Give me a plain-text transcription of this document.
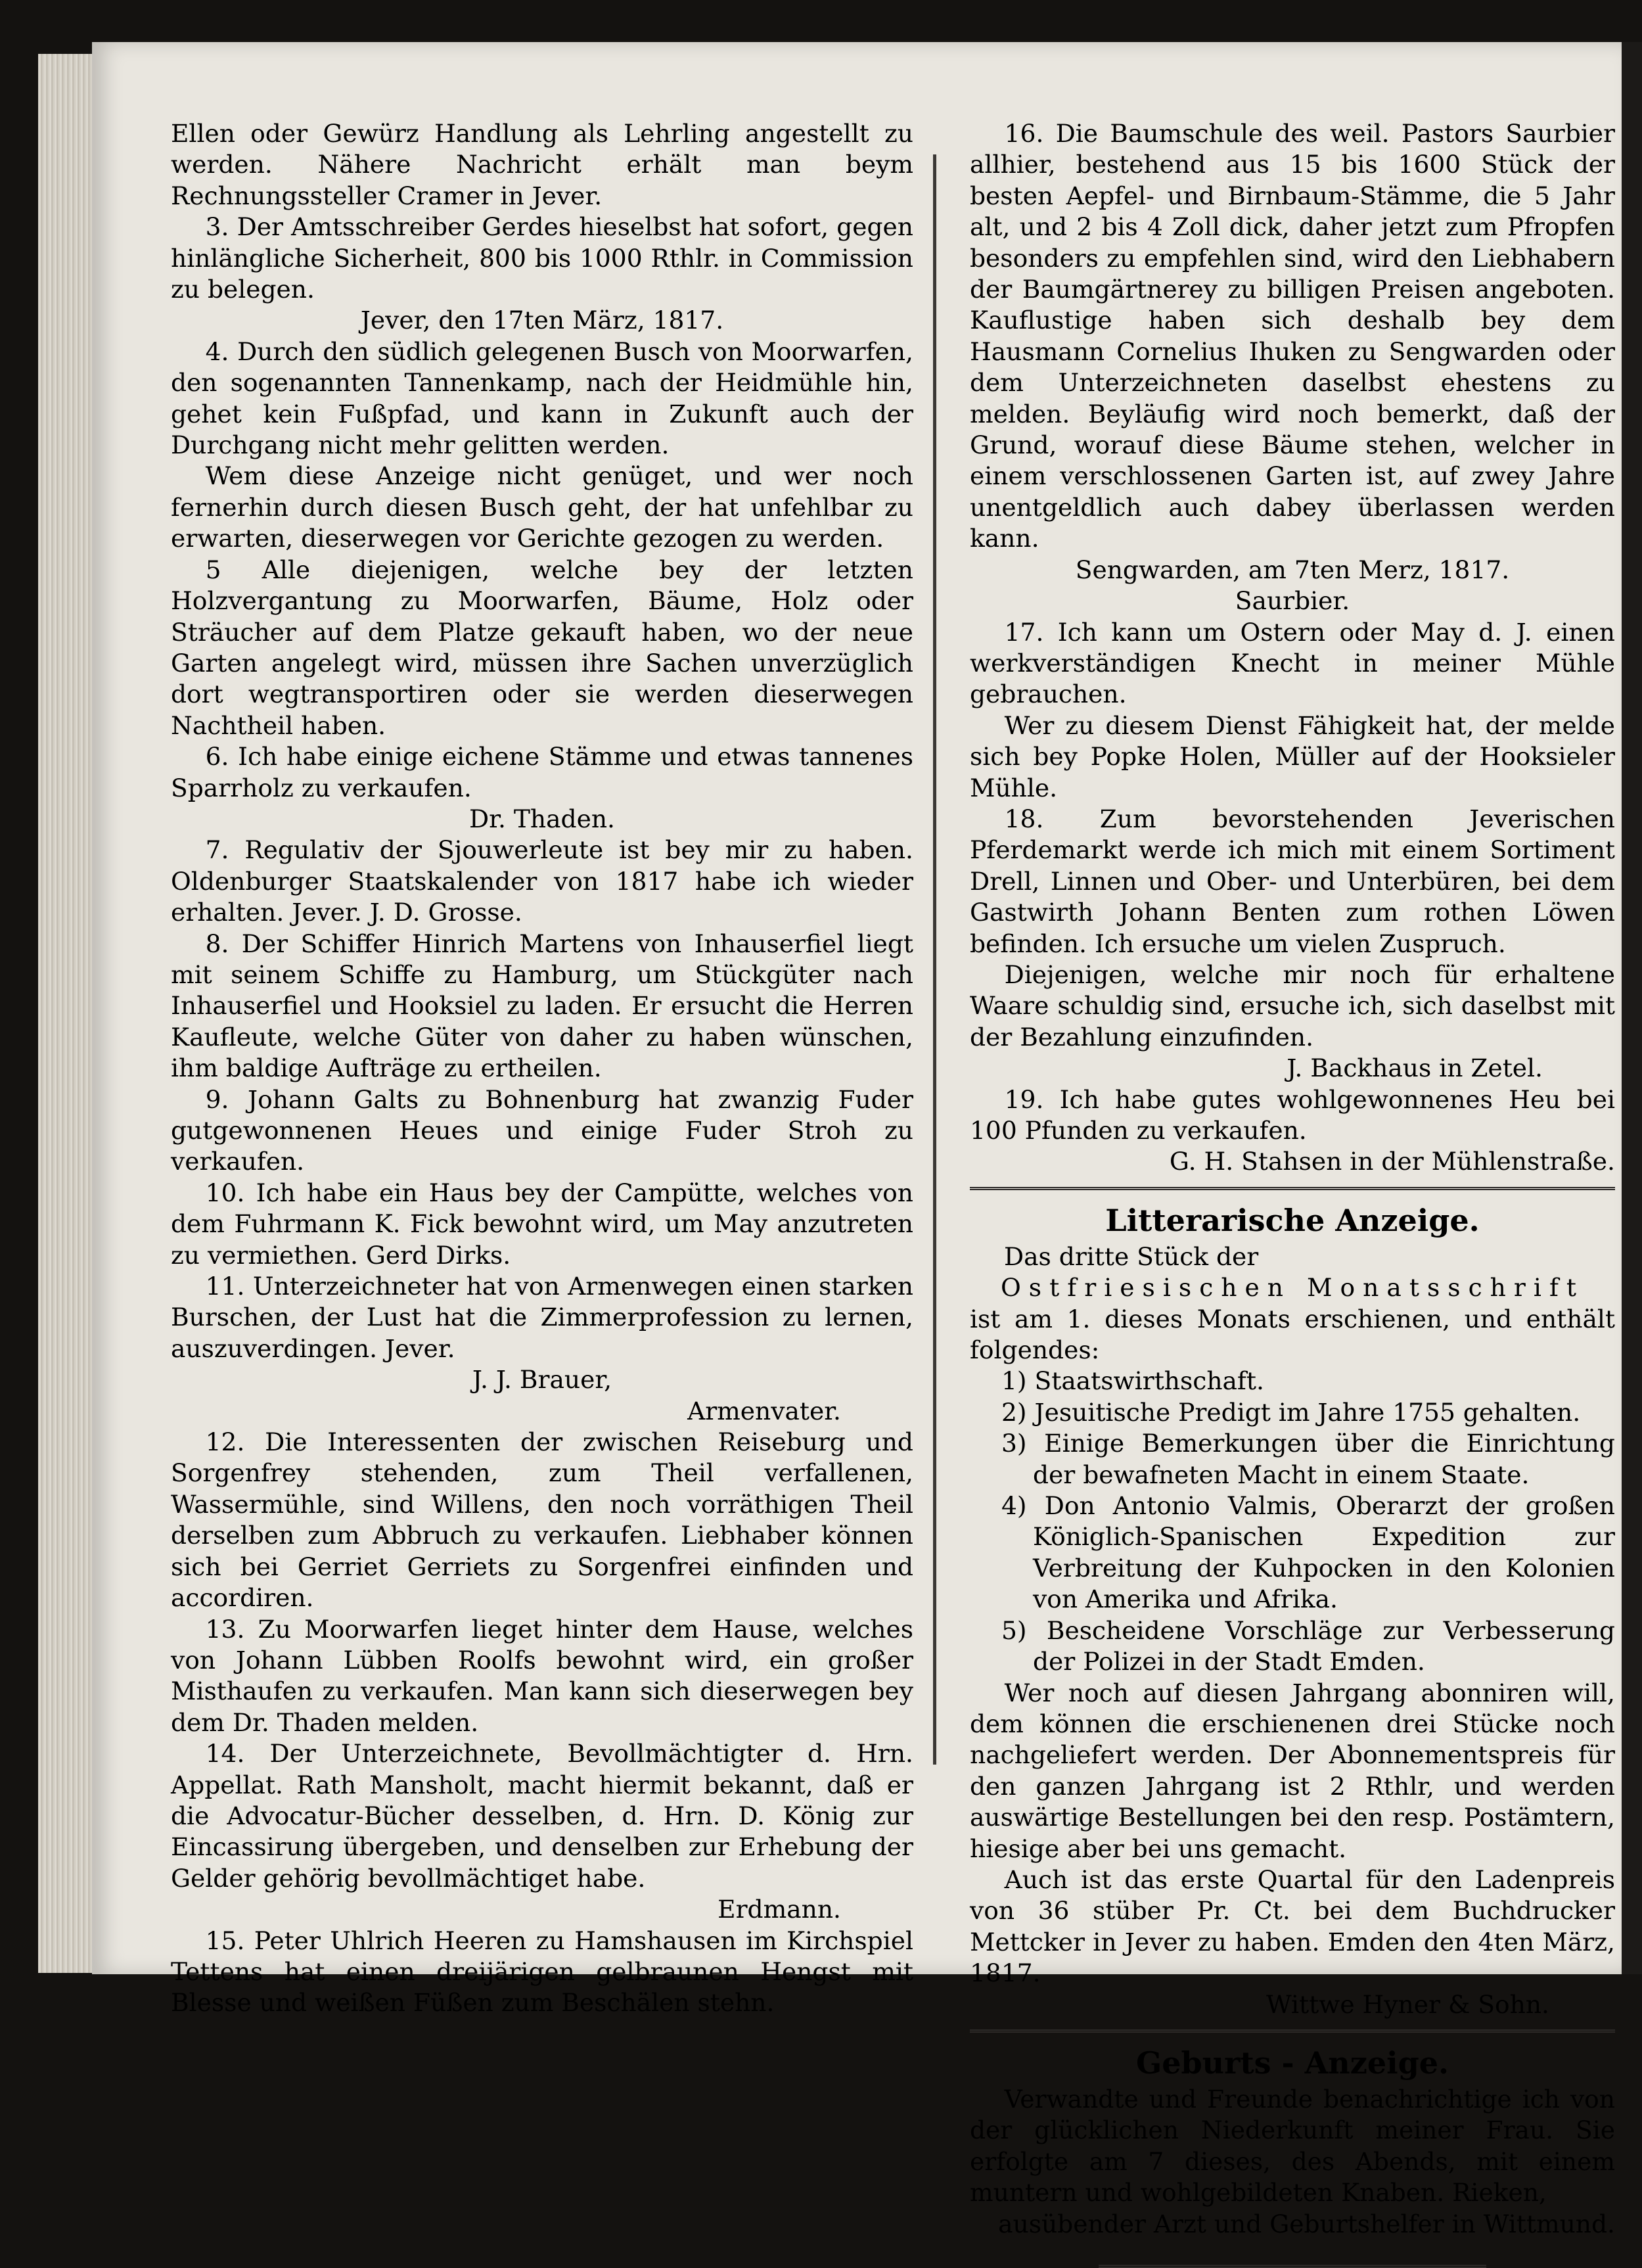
Ellen oder Gewürz Handlung als Lehrling angestellt zu werden. Nähere Nachricht erhält man beym Rechnungssteller Cramer in Jever.

3. Der Amtsschreiber Gerdes hieselbst hat sofort, gegen hinlängliche Sicherheit, 800 bis 1000 Rthlr. in Commission zu belegen.

Jever, den 17ten März, 1817.

4. Durch den südlich gelegenen Busch von Moorwarfen, den sogenannten Tannenkamp, nach der Heidmühle hin, gehet kein Fußpfad, und kann in Zukunft auch der Durchgang nicht mehr gelitten werden.

Wem diese Anzeige nicht genüget, und wer noch fernerhin durch diesen Busch geht, der hat unfehlbar zu erwarten, dieserwegen vor Gerichte gezogen zu werden.

5 Alle diejenigen, welche bey der letzten Holzvergantung zu Moorwarfen, Bäume, Holz oder Sträucher auf dem Platze gekauft haben, wo der neue Garten angelegt wird, müssen ihre Sachen unverzüglich dort wegtransportiren oder sie werden dieserwegen Nachtheil haben.

6. Ich habe einige eichene Stämme und etwas tannenes Sparrholz zu verkaufen.

Dr. Thaden.

7. Regulativ der Sjouwerleute ist bey mir zu haben. Oldenburger Staatskalender von 1817 habe ich wieder erhalten. Jever. J. D. Grosse.

8. Der Schiffer Hinrich Martens von Inhauserfiel liegt mit seinem Schiffe zu Hamburg, um Stückgüter nach Inhauserfiel und Hooksiel zu laden. Er ersucht die Herren Kaufleute, welche Güter von daher zu haben wünschen, ihm baldige Aufträge zu ertheilen.

9. Johann Galts zu Bohnenburg hat zwanzig Fuder gutgewonnenen Heues und einige Fuder Stroh zu verkaufen.

10. Ich habe ein Haus bey der Campütte, welches von dem Fuhrmann K. Fick bewohnt wird, um May anzutreten zu vermiethen. Gerd Dirks.

11. Unterzeichneter hat von Armenwegen einen starken Burschen, der Lust hat die Zimmerprofession zu lernen, auszuverdingen. Jever.

J. J. Brauer,

Armenvater.

12. Die Interessenten der zwischen Reiseburg und Sorgenfrey stehenden, zum Theil verfallenen, Wassermühle, sind Willens, den noch vorräthigen Theil derselben zum Abbruch zu verkaufen. Liebhaber können sich bei Gerriet Gerriets zu Sorgenfrei einfinden und accordiren.

13. Zu Moorwarfen lieget hinter dem Hause, welches von Johann Lübben Roolfs bewohnt wird, ein großer Misthaufen zu verkaufen. Man kann sich dieserwegen bey dem Dr. Thaden melden.

14. Der Unterzeichnete, Bevollmächtigter d. Hrn. Appellat. Rath Mansholt, macht hiermit bekannt, daß er die Advocatur-Bücher desselben, d. Hrn. D. König zur Eincassirung übergeben, und denselben zur Erhebung der Gelder gehörig bevollmächtiget habe.

Erdmann.

15. Peter Uhlrich Heeren zu Hamshausen im Kirchspiel Tettens hat einen dreijärigen gelbraunen Hengst mit Blesse und weißen Füßen zum Beschälen stehn.

16. Die Baumschule des weil. Pastors Saurbier allhier, bestehend aus 15 bis 1600 Stück der besten Aepfel- und Birnbaum-Stämme, die 5 Jahr alt, und 2 bis 4 Zoll dick, daher jetzt zum Pfropfen besonders zu empfehlen sind, wird den Liebhabern der Baumgärtnerey zu billigen Preisen angeboten. Kauflustige haben sich deshalb bey dem Hausmann Cornelius Ihuken zu Sengwarden oder dem Unterzeichneten daselbst ehestens zu melden. Beyläufig wird noch bemerkt, daß der Grund, worauf diese Bäume stehen, welcher in einem verschlossenen Garten ist, auf zwey Jahre unentgeldlich auch dabey überlassen werden kann.

Sengwarden, am 7ten Merz, 1817.

Saurbier.

17. Ich kann um Ostern oder May d. J. einen werkverständigen Knecht in meiner Mühle gebrauchen.

Wer zu diesem Dienst Fähigkeit hat, der melde sich bey Popke Holen, Müller auf der Hooksieler Mühle.

18. Zum bevorstehenden Jeverischen Pferdemarkt werde ich mich mit einem Sortiment Drell, Linnen und Ober- und Unterbüren, bei dem Gastwirth Johann Benten zum rothen Löwen befinden. Ich ersuche um vielen Zuspruch.

Diejenigen, welche mir noch für erhaltene Waare schuldig sind, ersuche ich, sich daselbst mit der Bezahlung einzufinden.

J. Backhaus in Zetel.

19. Ich habe gutes wohlgewonnenes Heu bei 100 Pfunden zu verkaufen.

G. H. Stahsen in der Mühlenstraße.

Litterarische Anzeige.

Das dritte Stück der

Ostfriesischen Monatsschrift

ist am 1. dieses Monats erschienen, und enthält folgendes:

1) Staatswirthschaft.
2) Jesuitische Predigt im Jahre 1755 gehalten.
3) Einige Bemerkungen über die Einrichtung der bewafneten Macht in einem Staate.
4) Don Antonio Valmis, Oberarzt der großen Königlich-Spanischen Expedition zur Verbreitung der Kuhpocken in den Kolonien von Amerika und Afrika.
5) Bescheidene Vorschläge zur Verbesserung der Polizei in der Stadt Emden.

Wer noch auf diesen Jahrgang abonniren will, dem können die erschienenen drei Stücke noch nachgeliefert werden. Der Abonnementspreis für den ganzen Jahrgang ist 2 Rthlr, und werden auswärtige Bestellungen bei den resp. Postämtern, hiesige aber bei uns gemacht.

Auch ist das erste Quartal für den Ladenpreis von 36 stüber Pr. Ct. bei dem Buchdrucker Mettcker in Jever zu haben. Emden den 4ten März, 1817.

Wittwe Hyner & Sohn.

Geburts - Anzeige.

Verwandte und Freunde benachrichtige ich von der glücklichen Niederkunft meiner Frau. Sie erfolgte am 7 dieses, des Abends, mit einem muntern und wohlgebildeten Knaben. Rieken,

ausübender Arzt und Geburtshelfer in Wittmund.
